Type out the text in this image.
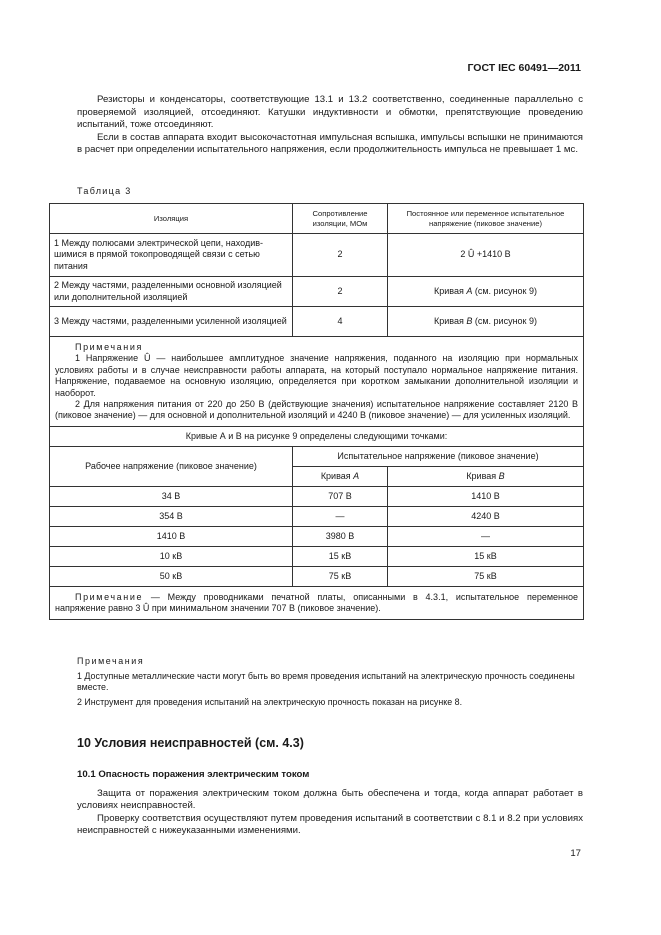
ГОСТ IEC 60491—2011

Резисторы и конденсаторы, соответствующие 13.1 и 13.2 соответственно, соединенные параллельно с проверяемой изоляцией, отсоединяют. Катушки индуктивности и обмотки, препятствующие проведению испытаний, тоже отсоединяют.

Если в состав аппарата входит высокочастотная импульсная вспышка, импульсы вспышки не принимаются в расчет при определении испытательного напряжения, если продолжительность импульса не превышает 1 мс.

Таблица 3
Изоляция	Сопротивление изоляции, МОм	Постоянное или переменное испытательное напряжение (пиковое значение)
1 Между полюсами электрической цепи, находившимися в прямой токопроводящей связи с сетью питания	2	2 Û +1410 В
2 Между частями, разделенными основной изоляцией или дополнительной изоляцией	2	Кривая A (см. рисунок 9)
3 Между частями, разделенными усиленной изоляцией	4	Кривая B (см. рисунок 9)

Примечания

1 Напряжение Û — наибольшее амплитудное значение напряжения, поданного на изоляцию при нормальных условиях работы и в случае неисправности работы аппарата, на который поступало нормальное напряжение питания. Напряжение, подаваемое на основную изоляцию, определяется при коротком замыкании дополнительной изоляции и наоборот.

2 Для напряжения питания от 220 до 250 В (действующие значения) испытательное напряжение составляет 2120 В (пиковое значение) — для основной и дополнительной изоляций и 4240 В (пиковое значение) — для усиленных изоляций.		

Кривые А и В на рисунке 9 определены следующими точками:		
Рабочее напряжение (пиковое значение)	Испытательное напряжение (пиковое значение)	
	Кривая A	Кривая B
34 В	707 В	1410 В
354 В	—	4240 В
1410 В	3980 В	—
10 кВ	15 кВ	15 кВ
50 кВ	75 кВ	75 кВ

Примечание — Между проводниками печатной платы, описанными в 4.3.1, испытательное переменное напряжение равно 3 Û при минимальном значении 707 В (пиковое значение).		

Примечания

1 Доступные металлические части могут быть во время проведения испытаний на электрическую прочность соединены вместе.

2 Инструмент для проведения испытаний на электрическую прочность показан на рисунке 8.

10 Условия неисправностей (см. 4.3)
10.1 Опасность поражения электрическим током

Защита от поражения электрическим током должна быть обеспечена и тогда, когда аппарат работает в условиях неисправностей.

Проверку соответствия осуществляют путем проведения испытаний в соответствии с 8.1 и 8.2 при условиях неисправностей с нижеуказанными изменениями.

17
